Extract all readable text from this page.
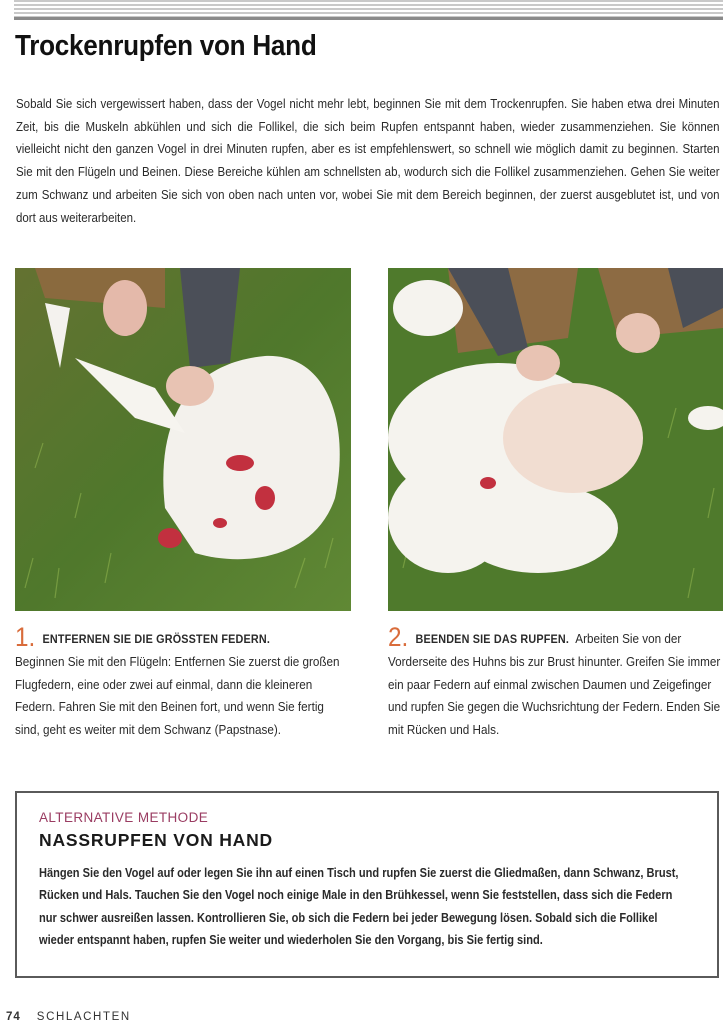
Trockenrupfen von Hand

Sobald Sie sich vergewissert haben, dass der Vogel nicht mehr lebt, beginnen Sie mit dem Trockenrupfen. Sie haben etwa drei Minuten Zeit, bis die Muskeln abkühlen und sich die Follikel, die sich beim Rupfen entspannt haben, wieder zusammenziehen. Sie können vielleicht nicht den ganzen Vogel in drei Minuten rupfen, aber es ist empfehlenswert, so schnell wie möglich damit zu beginnen. Starten Sie mit den Flügeln und Beinen. Diese Bereiche kühlen am schnellsten ab, wodurch sich die Follikel zusammenziehen. Gehen Sie weiter zum Schwanz und arbeiten Sie sich von oben nach unten vor, wobei Sie mit dem Bereich beginnen, der zuerst ausgeblutet ist, und von dort aus weiterarbeiten.

1. ENTFERNEN SIE DIE GRÖSSTEN FEDERN.
Beginnen Sie mit den Flügeln: Entfernen Sie zuerst die großen Flugfedern, eine oder zwei auf einmal, dann die kleineren Federn. Fahren Sie mit den Beinen fort, und wenn Sie fertig sind, geht es weiter mit dem Schwanz (Papstnase).

2. BEENDEN SIE DAS RUPFEN. Arbeiten Sie von der Vorderseite des Huhns bis zur Brust hinunter. Greifen Sie immer ein paar Federn auf einmal zwischen Daumen und Zeigefinger und rupfen Sie gegen die Wuchsrichtung der Federn. Enden Sie mit Rücken und Hals.

ALTERNATIVE METHODE

NASSRUPFEN VON HAND

Hängen Sie den Vogel auf oder legen Sie ihn auf einen Tisch und rupfen Sie zuerst die Gliedmaßen, dann Schwanz, Brust, Rücken und Hals. Tauchen Sie den Vogel noch einige Male in den Brühkessel, wenn Sie feststellen, dass sich die Federn nur schwer ausreißen lassen. Kontrollieren Sie, ob sich die Federn bei jeder Bewegung lösen. Sobald sich die Follikel wieder entspannt haben, rupfen Sie weiter und wiederholen Sie den Vorgang, bis Sie fertig sind.

74 SCHLACHTEN
